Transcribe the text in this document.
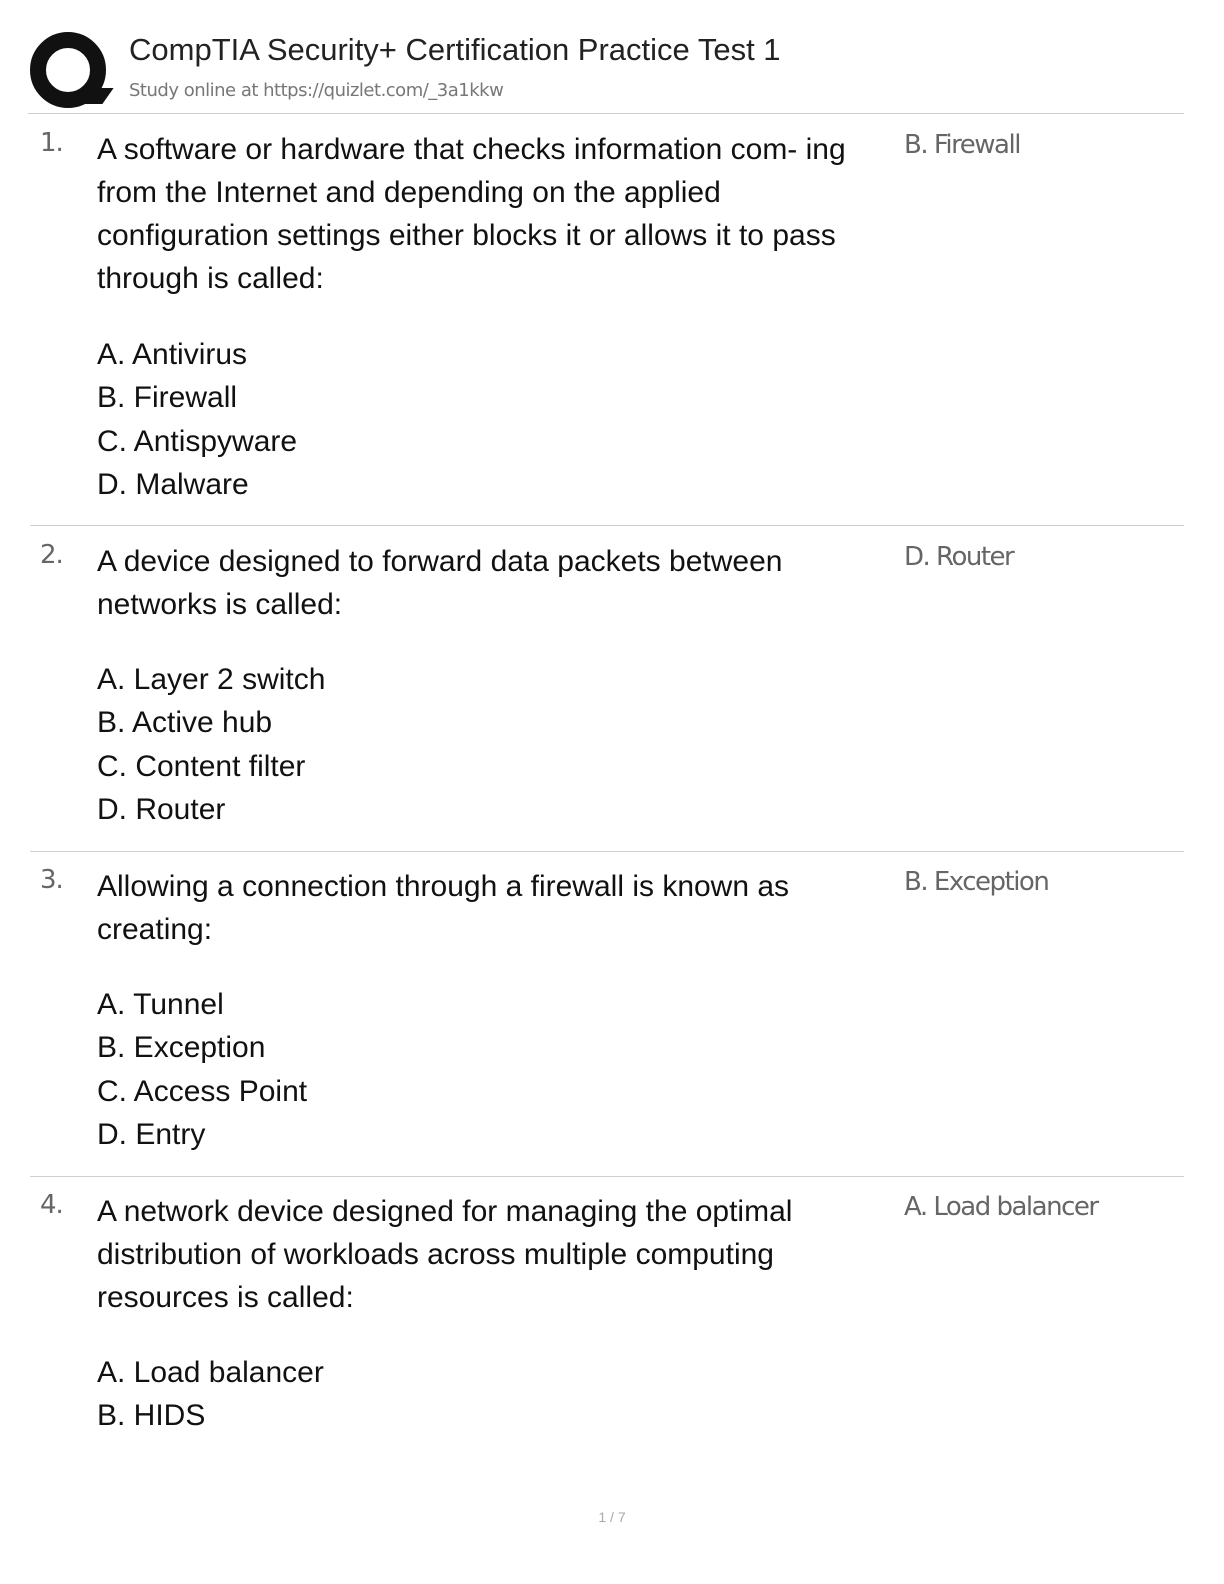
CompTIA Security+ Certification Practice Test 1
Study online at https://quizlet.com/_3a1kkw
1. A software or hardware that checks information com- ing from the Internet and depending on the applied configuration settings either blocks it or allows it to pass through is called:

A. Antivirus
B. Firewall
C. Antispyware
D. Malware
B. Firewall
2. A device designed to forward data packets between networks is called:

A. Layer 2 switch
B. Active hub
C. Content filter
D. Router
D. Router
3. Allowing a connection through a firewall is known as creating:

A. Tunnel
B. Exception
C. Access Point
D. Entry
B. Exception
4. A network device designed for managing the optimal distribution of workloads across multiple computing resources is called:

A. Load balancer
B. HIDS
A. Load balancer
1 / 7
